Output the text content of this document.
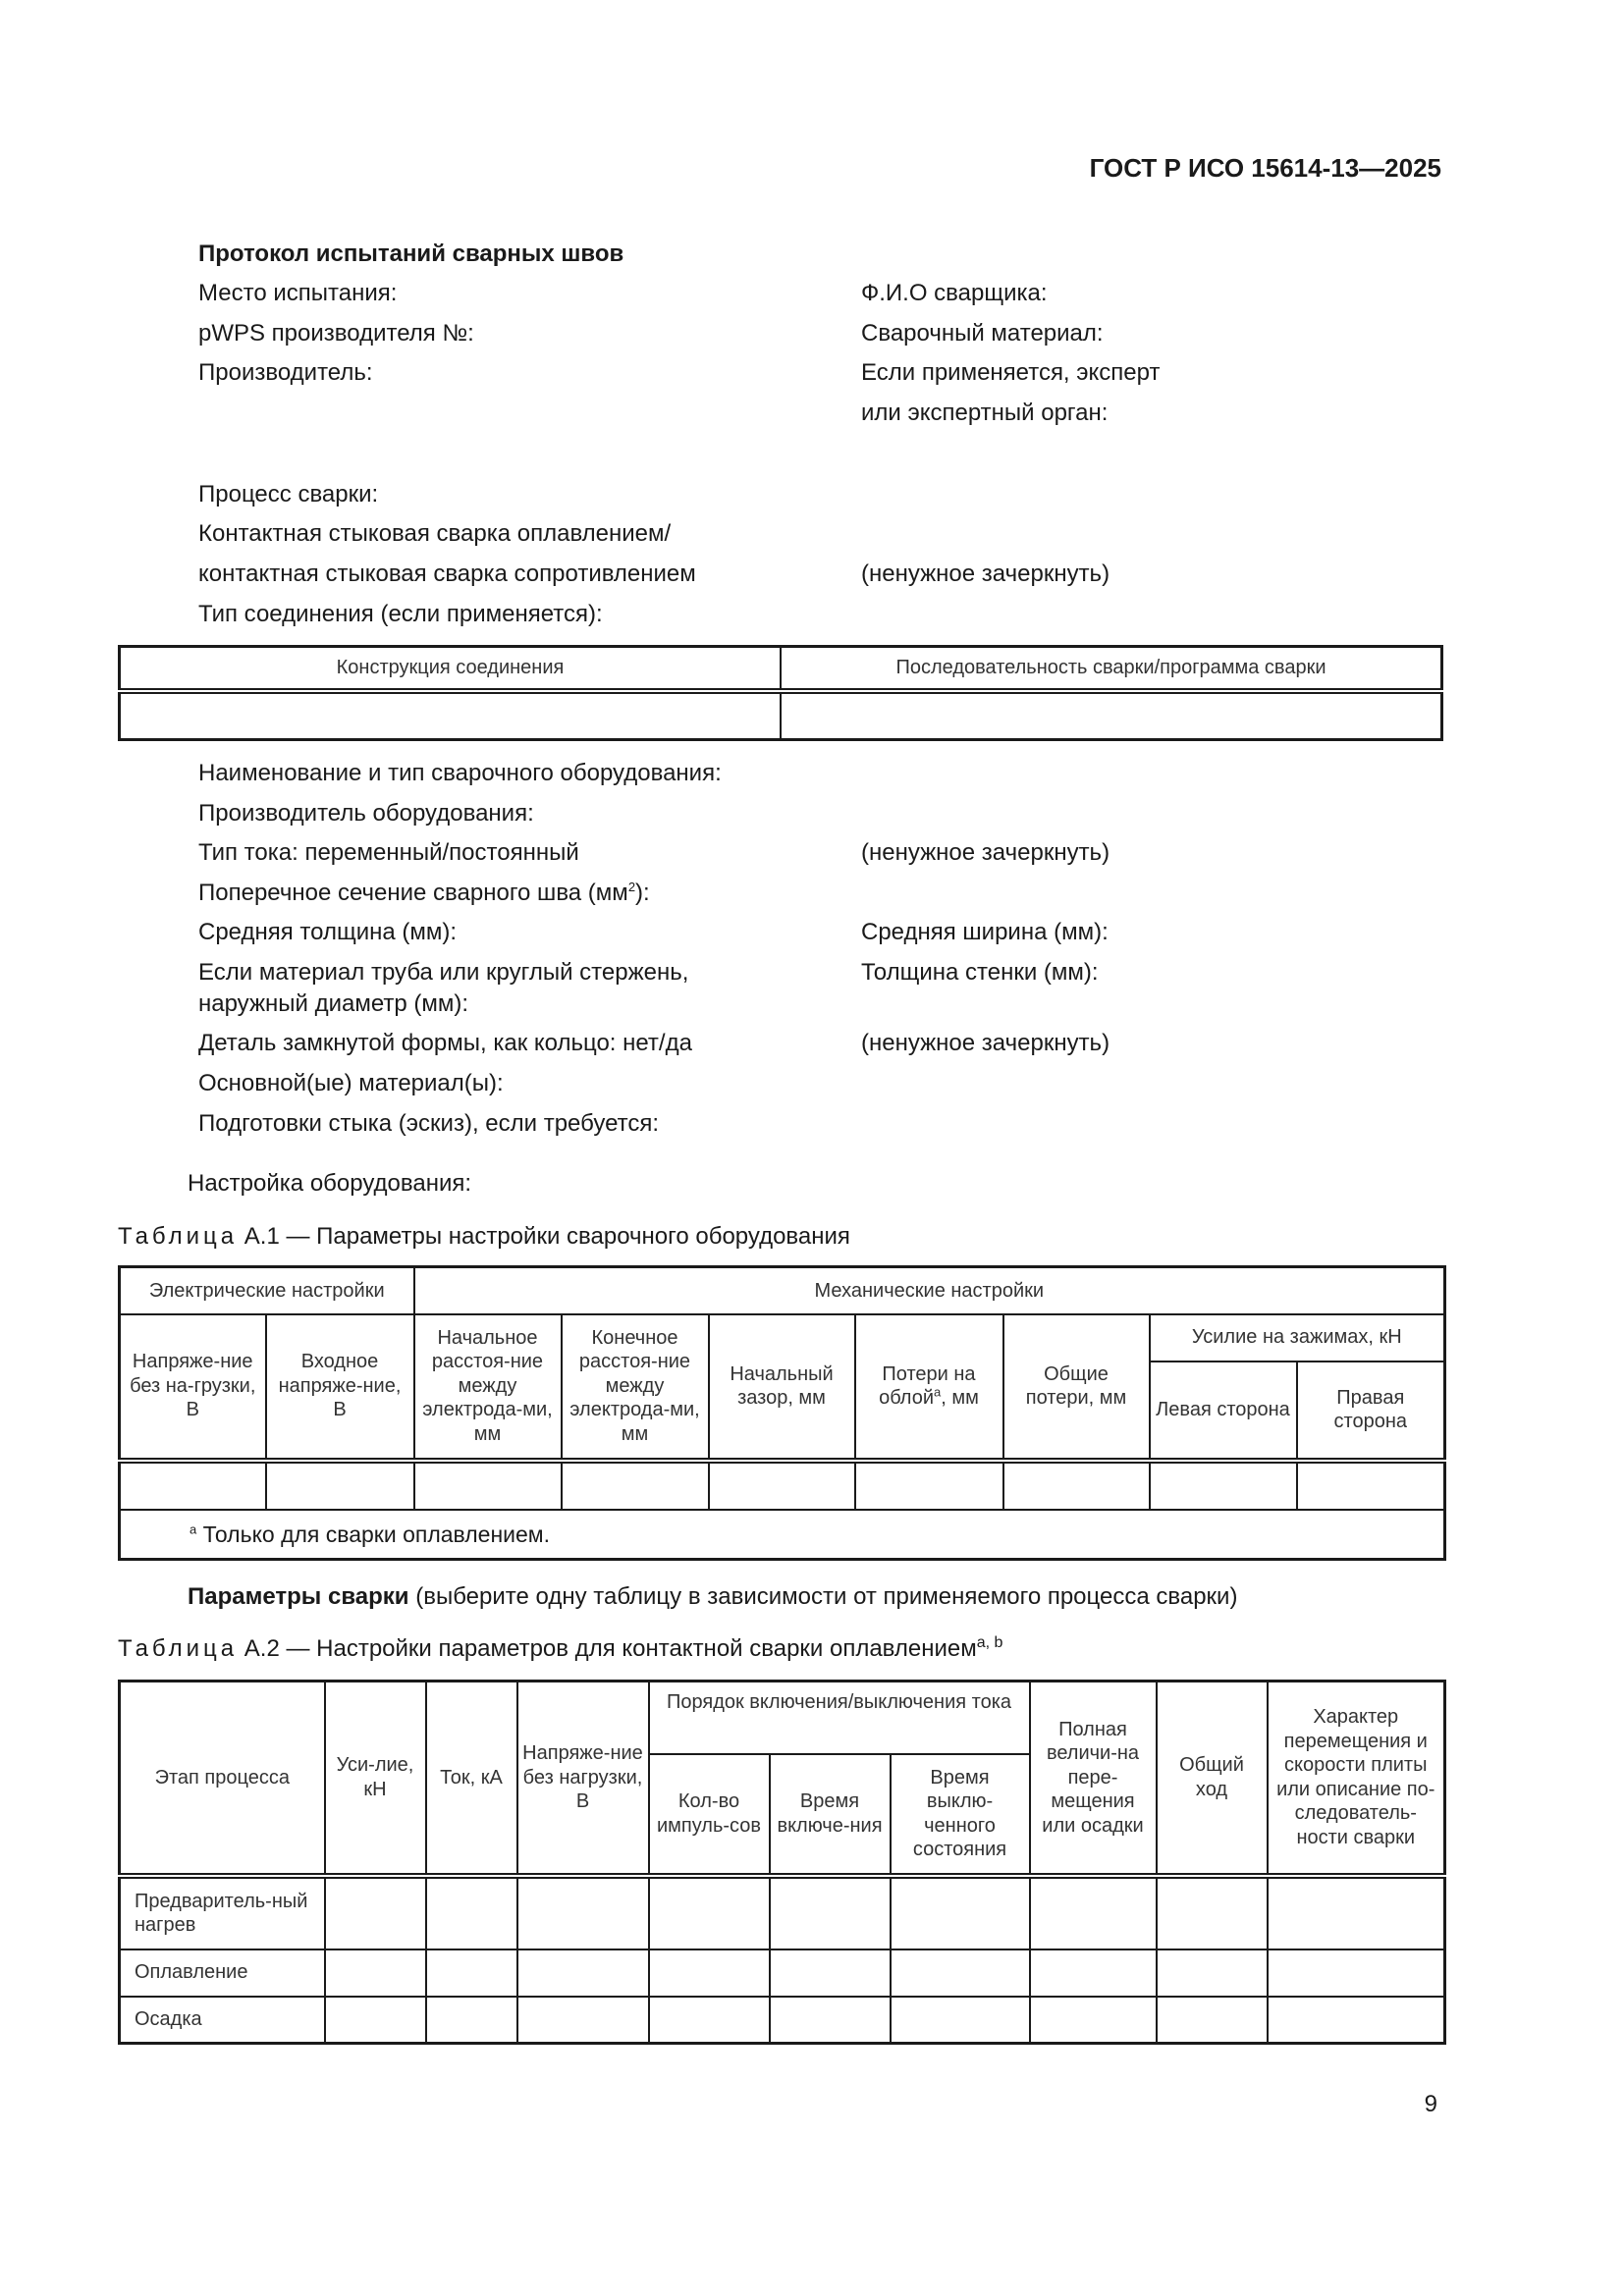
ГОСТ Р ИСО 15614-13—2025
Протокол испытаний сварных швов
Место испытания:
pWPS производителя №:
Производитель:
Ф.И.О сварщика:
Сварочный материал:
Если применяется, эксперт
или экспертный орган:
Процесс сварки:
Контактная стыковая сварка оплавлением/
контактная стыковая сварка сопротивлением	(ненужное зачеркнуть)
Тип соединения (если применяется):
Конструкция соединения	Последовательность сварки/программа сварки

Наименование и тип сварочного оборудования:
Производитель оборудования:
Тип тока: переменный/постоянный	(ненужное зачеркнуть)
Поперечное сечение сварного шва $(мм^2)$:
Средняя толщина (мм):	Средняя ширина (мм):
Если материал труба или круглый стержень,
наружный диаметр (мм):
Толщина стенки (мм):
Деталь замкнутой формы, как кольцо: нет/да	(ненужное зачеркнуть)
Основной(ые) материал(ы):
Подготовки стыка (эскиз), если требуется:
Настройка оборудования:
Таблица А.1 — Параметры настройки сварочного оборудования
Электрические настройки		Механические настройки						
Напряже-ние без на-грузки, В	Входное напряже-ние, В	Начальное расстоя-ние между электрода-ми, мм	Конечное расстоя-ние между электрода-ми, мм	Начальный зазор, мм	Потери на облой$^a$, мм	Общие потери, мм	Усилие на зажимах, кН	
							Левая сторона	Правая сторона

$^a$ Только для сварки оплавлением.								
Параметры сварки (выберите одну таблицу в зависимости от применяемого процесса сварки)
Таблица А.2 — Настройки параметров для контактной сварки оплавлением$^{a, b}$
Этап процесса	Уси-лие, кН	Ток, кА	Напряже-ние без нагрузки, В	Порядок включения/выключения тока			Полная величи-на пере-мещения или осадки	Общий ход	Характер перемещения и скорости плиты или описание по-следователь-ности сварки
				Кол-во импуль-сов	Время включе-ния	Время выклю-ченного состояния			
Предваритель-ный нагрев									
Оплавление									
Осадка									
9
